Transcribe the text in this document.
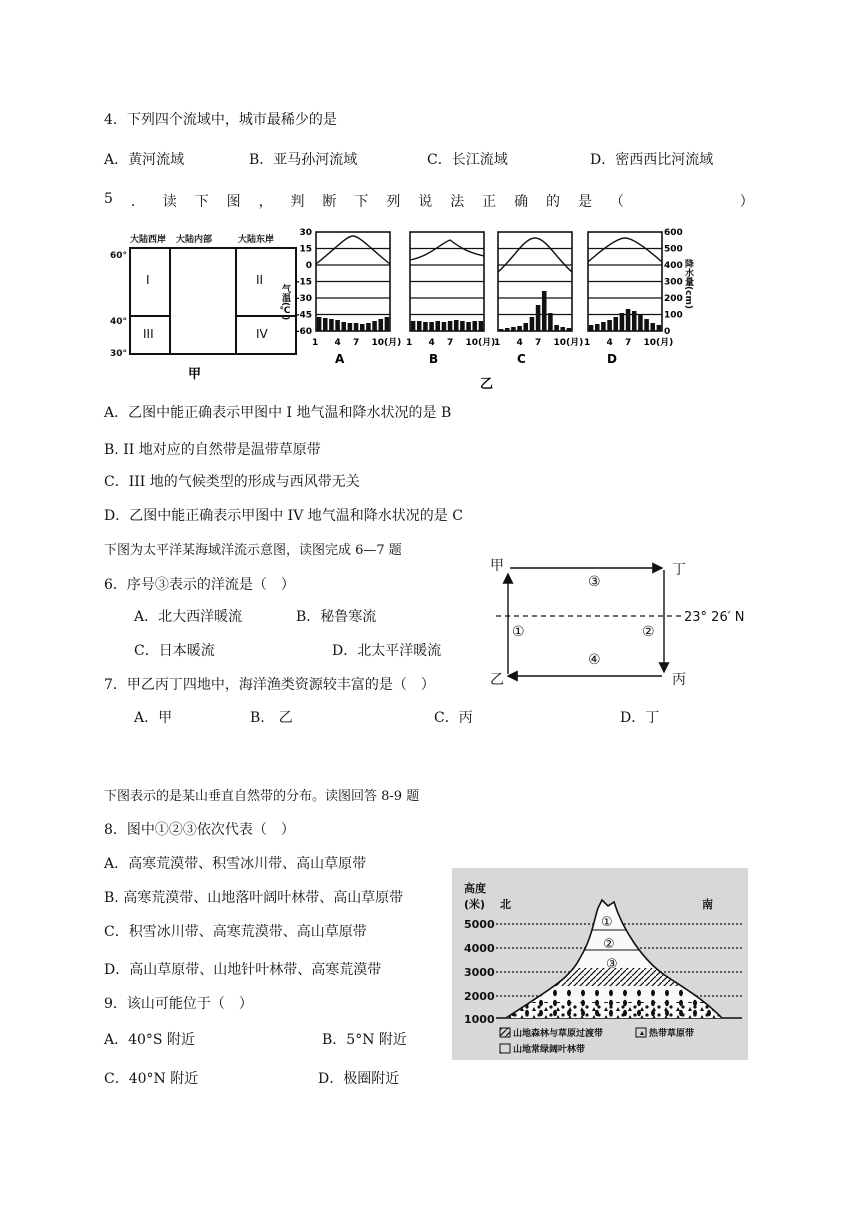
4．下列四个流域中，城市最稀少的是
A．黄河流域	B．亚马孙河流域	C．长江流域	D．密西西比河流域
5 ． 读 下 图 ， 判 断 下 列 说 法 正 确 的 是 （	）
大陆西岸 大陆内部	大陆东岸
60°
40°
30°
I	II
III	IV
甲
气温(℃)	降水量(cm)
30
15
0
-15
-30
-45
-60
600
500
400
300
200
100
0
1 4 7 10(月)
A
1 4 7 10(月)
B
1 4 7 10(月)
C
1 4 7 10(月)
D
乙
A．乙图中能正确表示甲图中 I 地气温和降水状况的是 B
B. II 地对应的自然带是温带草原带
C．III 地的气候类型的形成与西风带无关
D．乙图中能正确表示甲图中 IV 地气温和降水状况的是 C
下图为太平洋某海域洋流示意图，读图完成 6—7 题
6．序号③表示的洋流是（　）
A．北大西洋暖流	B．秘鲁寒流
C．日本暖流	D．北太平洋暖流
7．甲乙丙丁四地中，海洋渔类资源较丰富的是（　）
A．甲	B.　乙	C．丙	D．丁
甲	丁
乙	丙
①	②
③
④
23° 26′ N
下图表示的是某山垂直自然带的分布。读图回答 8-9 题
8．图中①②③依次代表（　）
A．高寒荒漠带、积雪冰川带、高山草原带
B. 高寒荒漠带、山地落叶阔叶林带、高山草原带
C．积雪冰川带、高寒荒漠带、高山草原带
D．高山草原带、山地针叶林带、高寒荒漠带
9．该山可能位于（　）
A．40°S 附近	B．5°N 附近
C．40°N 附近	D．极圈附近
高度
(米) 北	南
5000
4000
3000
2000
1000
①
②
③
山地森林与草原过渡带	热带草原带
山地常绿阔叶林带
